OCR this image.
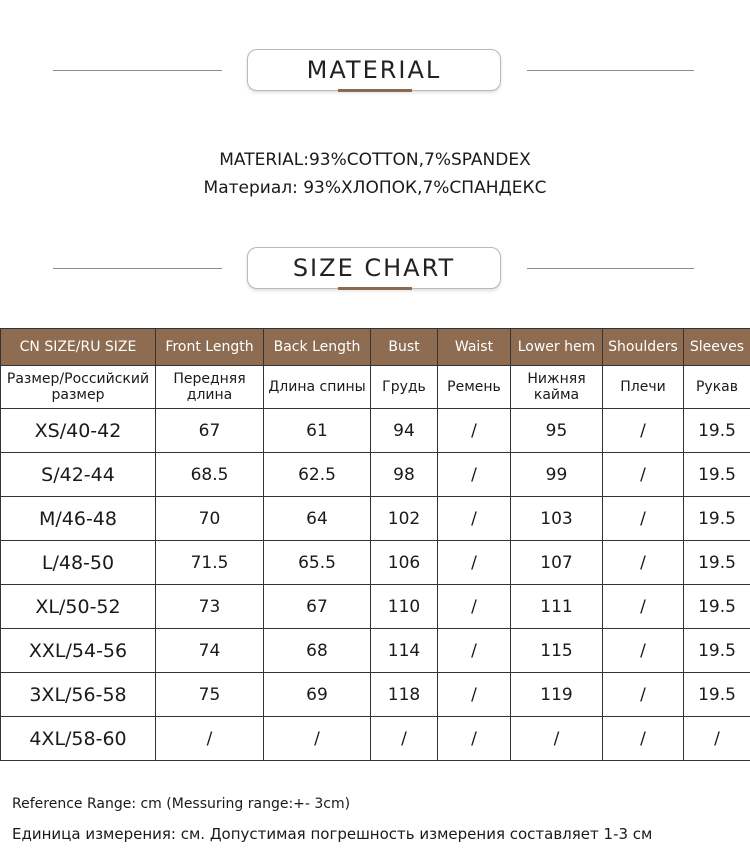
MATERIAL
MATERIAL:93%COTTON,7%SPANDEX
Материал: 93%ХЛОПОК,7%СПАНДЕКС
SIZE CHART
CN SIZE/RU SIZE	Front Length	Back Length	Bust	Waist	Lower hem	Shoulders	Sleeves
Размер/Российский размер	Передняя длина	Длина спины	Грудь	Ремень	Нижняя кайма	Плечи	Рукав
XS/40-42	67	61	94	/	95	/	19.5
S/42-44	68.5	62.5	98	/	99	/	19.5
M/46-48	70	64	102	/	103	/	19.5
L/48-50	71.5	65.5	106	/	107	/	19.5
XL/50-52	73	67	110	/	111	/	19.5
XXL/54-56	74	68	114	/	115	/	19.5
3XL/56-58	75	69	118	/	119	/	19.5
4XL/58-60	/	/	/	/	/	/	/
Reference Range: cm (Messuring range:+- 3cm)
Единица измерения: см. Допустимая погрешность измерения составляет 1-3 см
